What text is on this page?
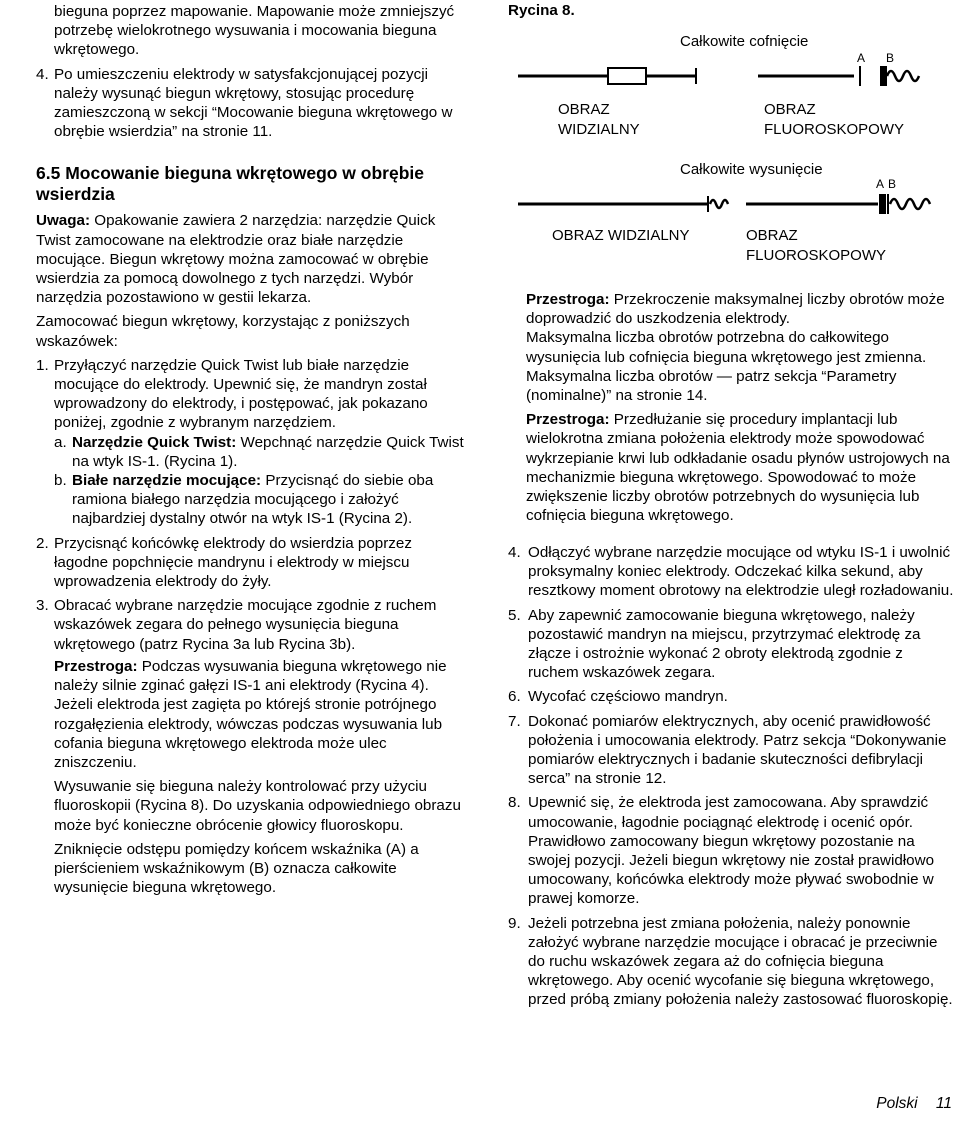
bieguna poprzez mapowanie. Mapowanie może zmniejszyć potrzebę wielokrotnego wysuwania i mocowania bieguna wkrętowego.

4. Po umieszczeniu elektrody w satysfakcjonującej pozycji należy wysunąć biegun wkrętowy, stosując procedurę zamieszczoną w sekcji “Mocowanie bieguna wkrętowego w obrębie wsierdzia” na stronie 11.

6.5 Mocowanie bieguna wkrętowego w obrębie wsierdzia

Uwaga: Opakowanie zawiera 2 narzędzia: narzędzie Quick Twist zamocowane na elektrodzie oraz białe narzędzie mocujące. Biegun wkrętowy można zamocować w obrębie wsierdzia za pomocą dowolnego z tych narzędzi. Wybór narzędzia pozostawiono w gestii lekarza.

Zamocować biegun wkrętowy, korzystając z poniższych wskazówek:

1. Przyłączyć narzędzie Quick Twist lub białe narzędzie mocujące do elektrody. Upewnić się, że mandryn został wprowadzony do elektrody, i postępować, jak pokazano poniżej, zgodnie z wybranym narzędziem.

a. Narzędzie Quick Twist: Wepchnąć narzędzie Quick Twist na wtyk IS-1. (Rycina 1).

b. Białe narzędzie mocujące: Przycisnąć do siebie oba ramiona białego narzędzia mocującego i założyć najbardziej dystalny otwór na wtyk IS-1 (Rycina 2).

2. Przycisnąć końcówkę elektrody do wsierdzia poprzez łagodne popchnięcie mandrynu i elektrody w miejscu wprowadzenia elektrody do żyły.

3. Obracać wybrane narzędzie mocujące zgodnie z ruchem wskazówek zegara do pełnego wysunięcia bieguna wkrętowego (patrz Rycina 3a lub Rycina 3b).

Przestroga: Podczas wysuwania bieguna wkrętowego nie należy silnie zginać gałęzi IS-1 ani elektrody (Rycina 4). Jeżeli elektroda jest zagięta po którejś stronie potrójnego rozgałęzienia elektrody, wówczas podczas wysuwania lub cofania bieguna wkrętowego elektroda może ulec zniszczeniu.

Wysuwanie się bieguna należy kontrolować przy użyciu fluoroskopii (Rycina 8). Do uzyskania odpowiedniego obrazu może być konieczne obrócenie głowicy fluoroskopu.

Zniknięcie odstępu pomiędzy końcem wskaźnika (A) a pierścieniem wskaźnikowym (B) oznacza całkowite wysunięcie bieguna wkrętowego.

Rycina 8.
Całkowite cofnięcie
A B
OBRAZ
WIDZIALNY
OBRAZ
FLUOROSKOPOWY
Całkowite wysunięcie
A B
OBRAZ WIDZIALNY	OBRAZ
FLUOROSKOPOWY

Przestroga: Przekroczenie maksymalnej liczby obrotów może doprowadzić do uszkodzenia elektrody.

Maksymalna liczba obrotów potrzebna do całkowitego wysunięcia lub cofnięcia bieguna wkrętowego jest zmienna. Maksymalna liczba obrotów — patrz sekcja “Parametry (nominalne)” na stronie 14.

Przestroga: Przedłużanie się procedury implantacji lub wielokrotna zmiana położenia elektrody może spowodować wykrzepianie krwi lub odkładanie osadu płynów ustrojowych na mechanizmie bieguna wkrętowego. Spowodować to może zwiększenie liczby obrotów potrzebnych do wysunięcia lub cofnięcia bieguna wkrętowego.

4. Odłączyć wybrane narzędzie mocujące od wtyku IS-1 i uwolnić proksymalny koniec elektrody. Odczekać kilka sekund, aby resztkowy moment obrotowy na elektrodzie uległ rozładowaniu.

5. Aby zapewnić zamocowanie bieguna wkrętowego, należy pozostawić mandryn na miejscu, przytrzymać elektrodę za złącze i ostrożnie wykonać 2 obroty elektrodą zgodnie z ruchem wskazówek zegara.

6. Wycofać częściowo mandryn.

7. Dokonać pomiarów elektrycznych, aby ocenić prawidłowość położenia i umocowania elektrody. Patrz sekcja “Dokonywanie pomiarów elektrycznych i badanie skuteczności defibrylacji serca” na stronie 12.

8. Upewnić się, że elektroda jest zamocowana. Aby sprawdzić umocowanie, łagodnie pociągnąć elektrodę i ocenić opór. Prawidłowo zamocowany biegun wkrętowy pozostanie na swojej pozycji. Jeżeli biegun wkrętowy nie został prawidłowo umocowany, końcówka elektrody może pływać swobodnie w prawej komorze.

9. Jeżeli potrzebna jest zmiana położenia, należy ponownie założyć wybrane narzędzie mocujące i obracać je przeciwnie do ruchu wskazówek zegara aż do cofnięcia bieguna wkrętowego. Aby ocenić wycofanie się bieguna wkrętowego, przed próbą zmiany położenia należy zastosować fluoroskopię.

Polski 11
